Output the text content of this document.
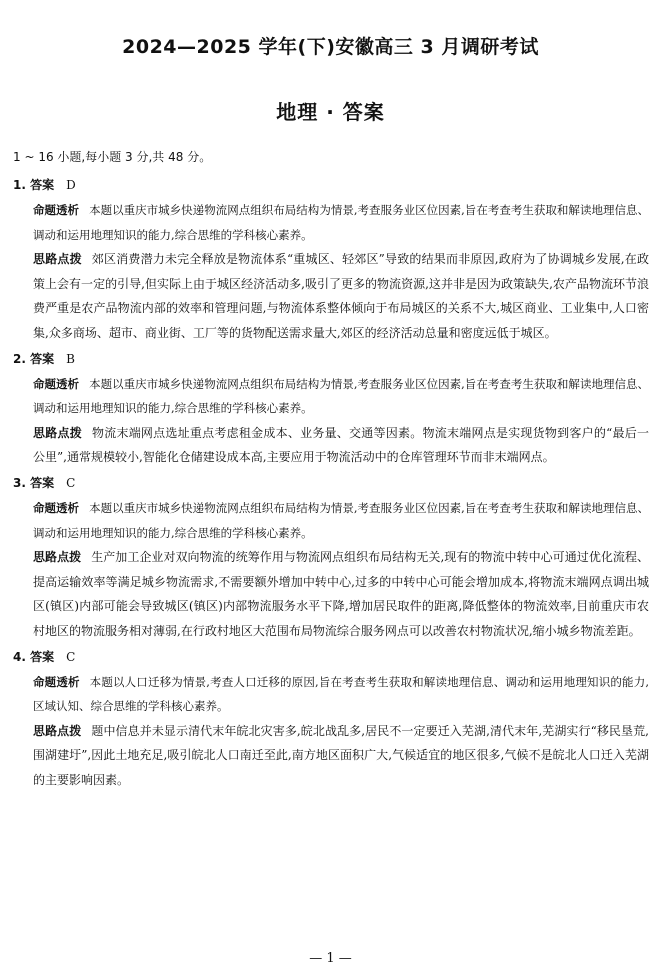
2024—2025 学年(下)安徽高三 3 月调研考试
地理 · 答案
1 ~ 16 小题,每小题 3 分,共 48 分。
1. 答案 D

命题透析 本题以重庆市城乡快递物流网点组织布局结构为情景,考查服务业区位因素,旨在考查考生获取和解读地理信息、调动和运用地理知识的能力,综合思维的学科核心素养。

思路点拨 郊区消费潜力未完全释放是物流体系“重城区、轻郊区”导致的结果而非原因,政府为了协调城乡发展,在政策上会有一定的引导,但实际上由于城区经济活动多,吸引了更多的物流资源,这并非是因为政策缺失,农产品物流环节浪费严重是农产品物流内部的效率和管理问题,与物流体系整体倾向于布局城区的关系不大,城区商业、工业集中,人口密集,众多商场、超市、商业街、工厂等的货物配送需求量大,郊区的经济活动总量和密度远低于城区。

2. 答案 B

命题透析 本题以重庆市城乡快递物流网点组织布局结构为情景,考查服务业区位因素,旨在考查考生获取和解读地理信息、调动和运用地理知识的能力,综合思维的学科核心素养。

思路点拨 物流末端网点选址重点考虑租金成本、业务量、交通等因素。物流末端网点是实现货物到客户的“最后一公里”,通常规模较小,智能化仓储建设成本高,主要应用于物流活动中的仓库管理环节而非末端网点。

3. 答案 C

命题透析 本题以重庆市城乡快递物流网点组织布局结构为情景,考查服务业区位因素,旨在考查考生获取和解读地理信息、调动和运用地理知识的能力,综合思维的学科核心素养。

思路点拨 生产加工企业对双向物流的统筹作用与物流网点组织布局结构无关,现有的物流中转中心可通过优化流程、提高运输效率等满足城乡物流需求,不需要额外增加中转中心,过多的中转中心可能会增加成本,将物流末端网点调出城区(镇区)内部可能会导致城区(镇区)内部物流服务水平下降,增加居民取件的距离,降低整体的物流效率,目前重庆市农村地区的物流服务相对薄弱,在行政村地区大范围布局物流综合服务网点可以改善农村物流状况,缩小城乡物流差距。

4. 答案 C

命题透析 本题以人口迁移为情景,考查人口迁移的原因,旨在考查考生获取和解读地理信息、调动和运用地理知识的能力,区域认知、综合思维的学科核心素养。

思路点拨 题中信息并未显示清代末年皖北灾害多,皖北战乱多,居民不一定要迁入芜湖,清代末年,芜湖实行“移民垦荒,围湖建圩”,因此土地充足,吸引皖北人口南迁至此,南方地区面积广大,气候适宜的地区很多,气候不是皖北人口迁入芜湖的主要影响因素。

— 1 —
